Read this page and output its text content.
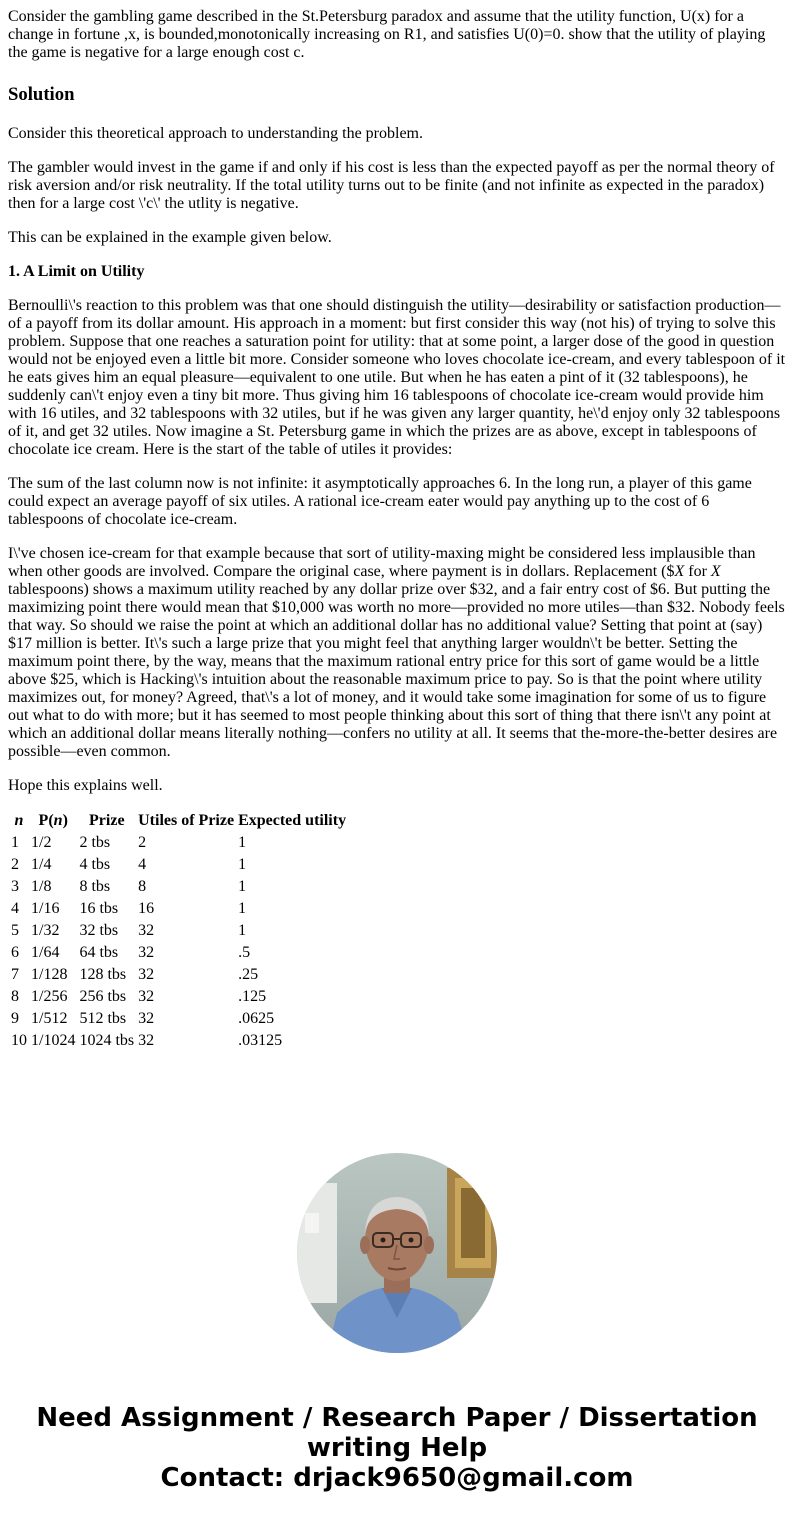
Consider the gambling game described in the St.Petersburg paradox and assume that the utility function, U(x) for a change in fortune ,x, is bounded,monotonically increasing on R1, and satisfies U(0)=0. show that the utility of playing the game is negative for a large enough cost c.

Solution

Consider this theoretical approach to understanding the problem.

The gambler would invest in the game if and only if his cost is less than the expected payoff as per the normal theory of risk aversion and/or risk neutrality. If the total utility turns out to be finite (and not infinite as expected in the paradox) then for a large cost \'c\' the utlity is negative.

This can be explained in the example given below.

1. A Limit on Utility

Bernoulli\'s reaction to this problem was that one should distinguish the utility—desirability or satisfaction production—of a payoff from its dollar amount. His approach in a moment: but first consider this way (not his) of trying to solve this problem. Suppose that one reaches a saturation point for utility: that at some point, a larger dose of the good in question would not be enjoyed even a little bit more. Consider someone who loves chocolate ice-cream, and every tablespoon of it he eats gives him an equal pleasure—equivalent to one utile. But when he has eaten a pint of it (32 tablespoons), he suddenly can\'t enjoy even a tiny bit more. Thus giving him 16 tablespoons of chocolate ice-cream would provide him with 16 utiles, and 32 tablespoons with 32 utiles, but if he was given any larger quantity, he\'d enjoy only 32 tablespoons of it, and get 32 utiles. Now imagine a St. Petersburg game in which the prizes are as above, except in tablespoons of chocolate ice cream. Here is the start of the table of utiles it provides:

The sum of the last column now is not infinite: it asymptotically approaches 6. In the long run, a player of this game could expect an average payoff of six utiles. A rational ice-cream eater would pay anything up to the cost of 6 tablespoons of chocolate ice-cream.

I\'ve chosen ice-cream for that example because that sort of utility-maxing might be considered less implausible than when other goods are involved. Compare the original case, where payment is in dollars. Replacement ($X for X tablespoons) shows a maximum utility reached by any dollar prize over $32, and a fair entry cost of $6. But putting the maximizing point there would mean that $10,000 was worth no more—provided no more utiles—than $32. Nobody feels that way. So should we raise the point at which an additional dollar has no additional value? Setting that point at (say) $17 million is better. It\'s such a large prize that you might feel that anything larger wouldn\'t be better. Setting the maximum point there, by the way, means that the maximum rational entry price for this sort of game would be a little above $25, which is Hacking\'s intuition about the reasonable maximum price to pay. So is that the point where utility maximizes out, for money? Agreed, that\'s a lot of money, and it would take some imagination for some of us to figure out what to do with more; but it has seemed to most people thinking about this sort of thing that there isn\'t any point at which an additional dollar means literally nothing—confers no utility at all. It seems that the-more-the-better desires are possible—even common.

Hope this explains well.

n	P(n)	Prize	Utiles of Prize	Expected utility
1	1/2	2 tbs	2	1
2	1/4	4 tbs	4	1
3	1/8	8 tbs	8	1
4	1/16	16 tbs	16	1
5	1/32	32 tbs	32	1
6	1/64	64 tbs	32	.5
7	1/128	128 tbs	32	.25
8	1/256	256 tbs	32	.125
9	1/512	512 tbs	32	.0625
10	1/1024	1024 tbs	32	.03125
Need Assignment / Research Paper / Dissertation
writing Help
Contact: drjack9650@gmail.com
